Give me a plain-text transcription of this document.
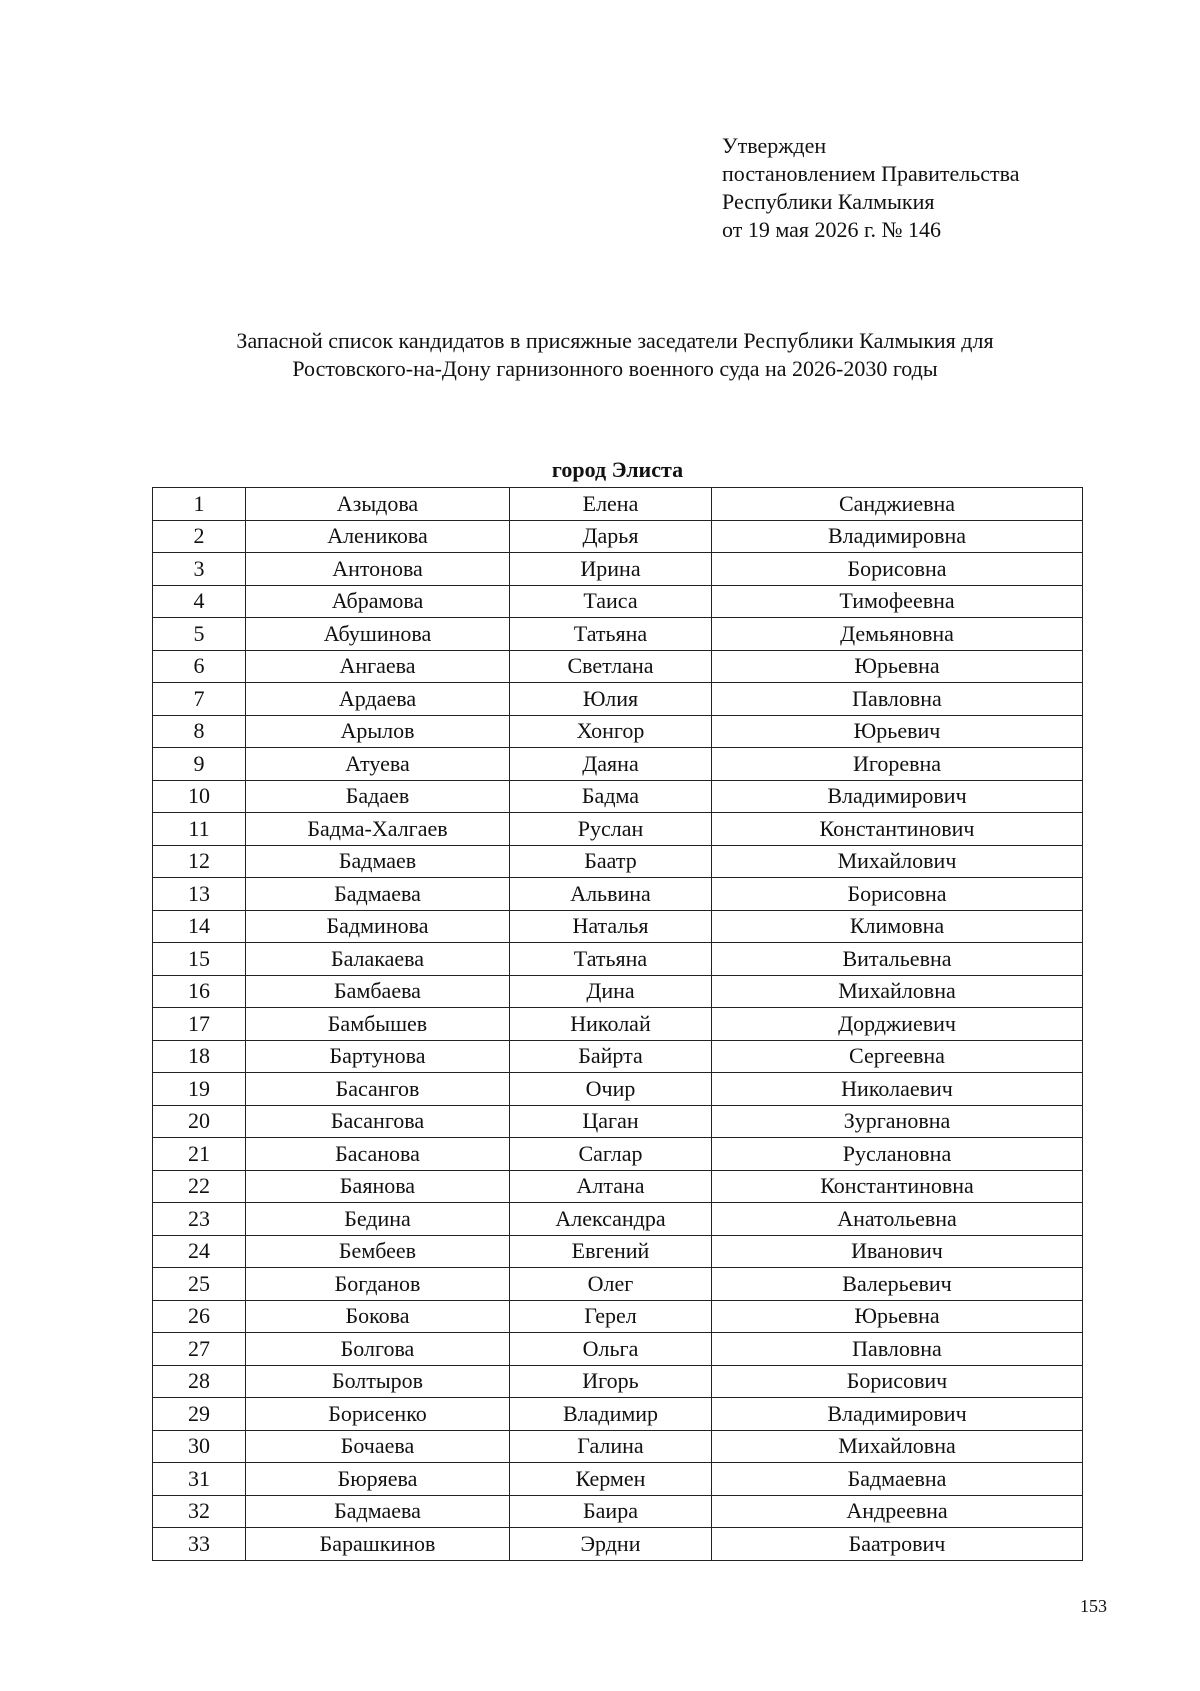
Утвержден
постановлением Правительства
Республики Калмыкия
от 19 мая 2026 г. № 146
Запасной список кандидатов в присяжные заседатели Республики Калмыкия для
Ростовского-на-Дону гарнизонного военного суда на 2026-2030 годы
город Элиста
1	Азыдова	Елена	Санджиевна
2	Аленикова	Дарья	Владимировна
3	Антонова	Ирина	Борисовна
4	Абрамова	Таиса	Тимофеевна
5	Абушинова	Татьяна	Демьяновна
6	Ангаева	Светлана	Юрьевна
7	Ардаева	Юлия	Павловна
8	Арылов	Хонгор	Юрьевич
9	Атуева	Даяна	Игоревна
10	Бадаев	Бадма	Владимирович
11	Бадма-Халгаев	Руслан	Константинович
12	Бадмаев	Баатр	Михайлович
13	Бадмаева	Альвина	Борисовна
14	Бадминова	Наталья	Климовна
15	Балакаева	Татьяна	Витальевна
16	Бамбаева	Дина	Михайловна
17	Бамбышев	Николай	Дорджиевич
18	Бартунова	Байрта	Сергеевна
19	Басангов	Очир	Николаевич
20	Басангова	Цаган	Зургановна
21	Басанова	Саглар	Руслановна
22	Баянова	Алтана	Константиновна
23	Бедина	Александра	Анатольевна
24	Бембеев	Евгений	Иванович
25	Богданов	Олег	Валерьевич
26	Бокова	Герел	Юрьевна
27	Болгова	Ольга	Павловна
28	Болтыров	Игорь	Борисович
29	Борисенко	Владимир	Владимирович
30	Бочаева	Галина	Михайловна
31	Бюряева	Кермен	Бадмаевна
32	Бадмаева	Баира	Андреевна
33	Барашкинов	Эрдни	Баатрович
153
